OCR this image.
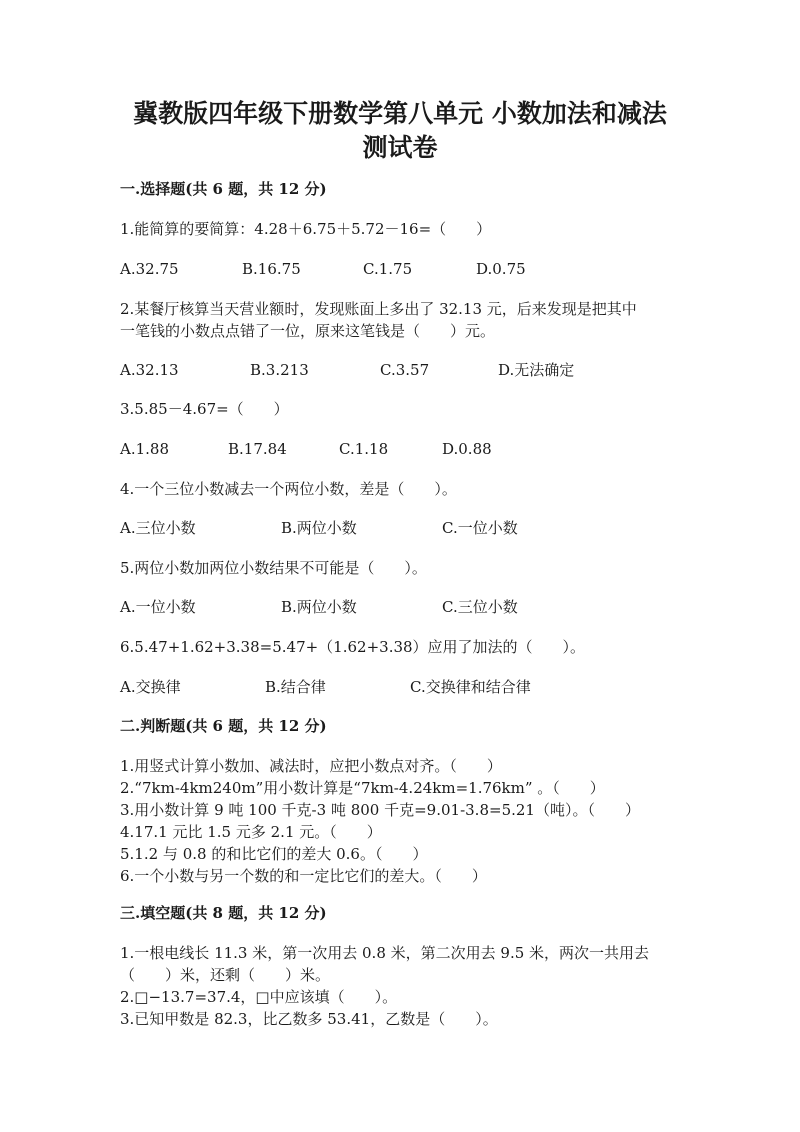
冀教版四年级下册数学第八单元 小数加法和减法
测试卷
一.选择题(共 6 题，共 12 分)
1.能简算的要简算：4.28＋6.75＋5.72－16=（　　）
A.32.75	B.16.75	C.1.75	D.0.75
2.某餐厅核算当天营业额时，发现账面上多出了 32.13 元，后来发现是把其中
一笔钱的小数点点错了一位，原来这笔钱是（　　）元。
A.32.13	B.3.213	C.3.57	D.无法确定
3.5.85－4.67=（　　）
A.1.88	B.17.84	C.1.18	D.0.88
4.一个三位小数减去一个两位小数，差是（　　）。
A.三位小数	B.两位小数	C.一位小数
5.两位小数加两位小数结果不可能是（　　）。
A.一位小数	B.两位小数	C.三位小数
6.5.47+1.62+3.38=5.47+（1.62+3.38）应用了加法的（　　）。
A.交换律	B.结合律	C.交换律和结合律
二.判断题(共 6 题，共 12 分)
1.用竖式计算小数加、减法时，应把小数点对齐。（　　）
2.“7km-4km240m”用小数计算是“7km-4.24km=1.76km” 。（　　）
3.用小数计算 9 吨 100 千克-3 吨 800 千克=9.01-3.8=5.21（吨）。（　　）
4.17.1 元比 1.5 元多 2.1 元。（　　）
5.1.2 与 0.8 的和比它们的差大 0.6。（　　）
6.一个小数与另一个数的和一定比它们的差大。（　　）
三.填空题(共 8 题，共 12 分)
1.一根电线长 11.3 米，第一次用去 0.8 米，第二次用去 9.5 米，两次一共用去
（　　）米，还剩（　　）米。
2.□−13.7=37.4，□中应该填（　　）。
3.已知甲数是 82.3，比乙数多 53.41，乙数是（　　）。
